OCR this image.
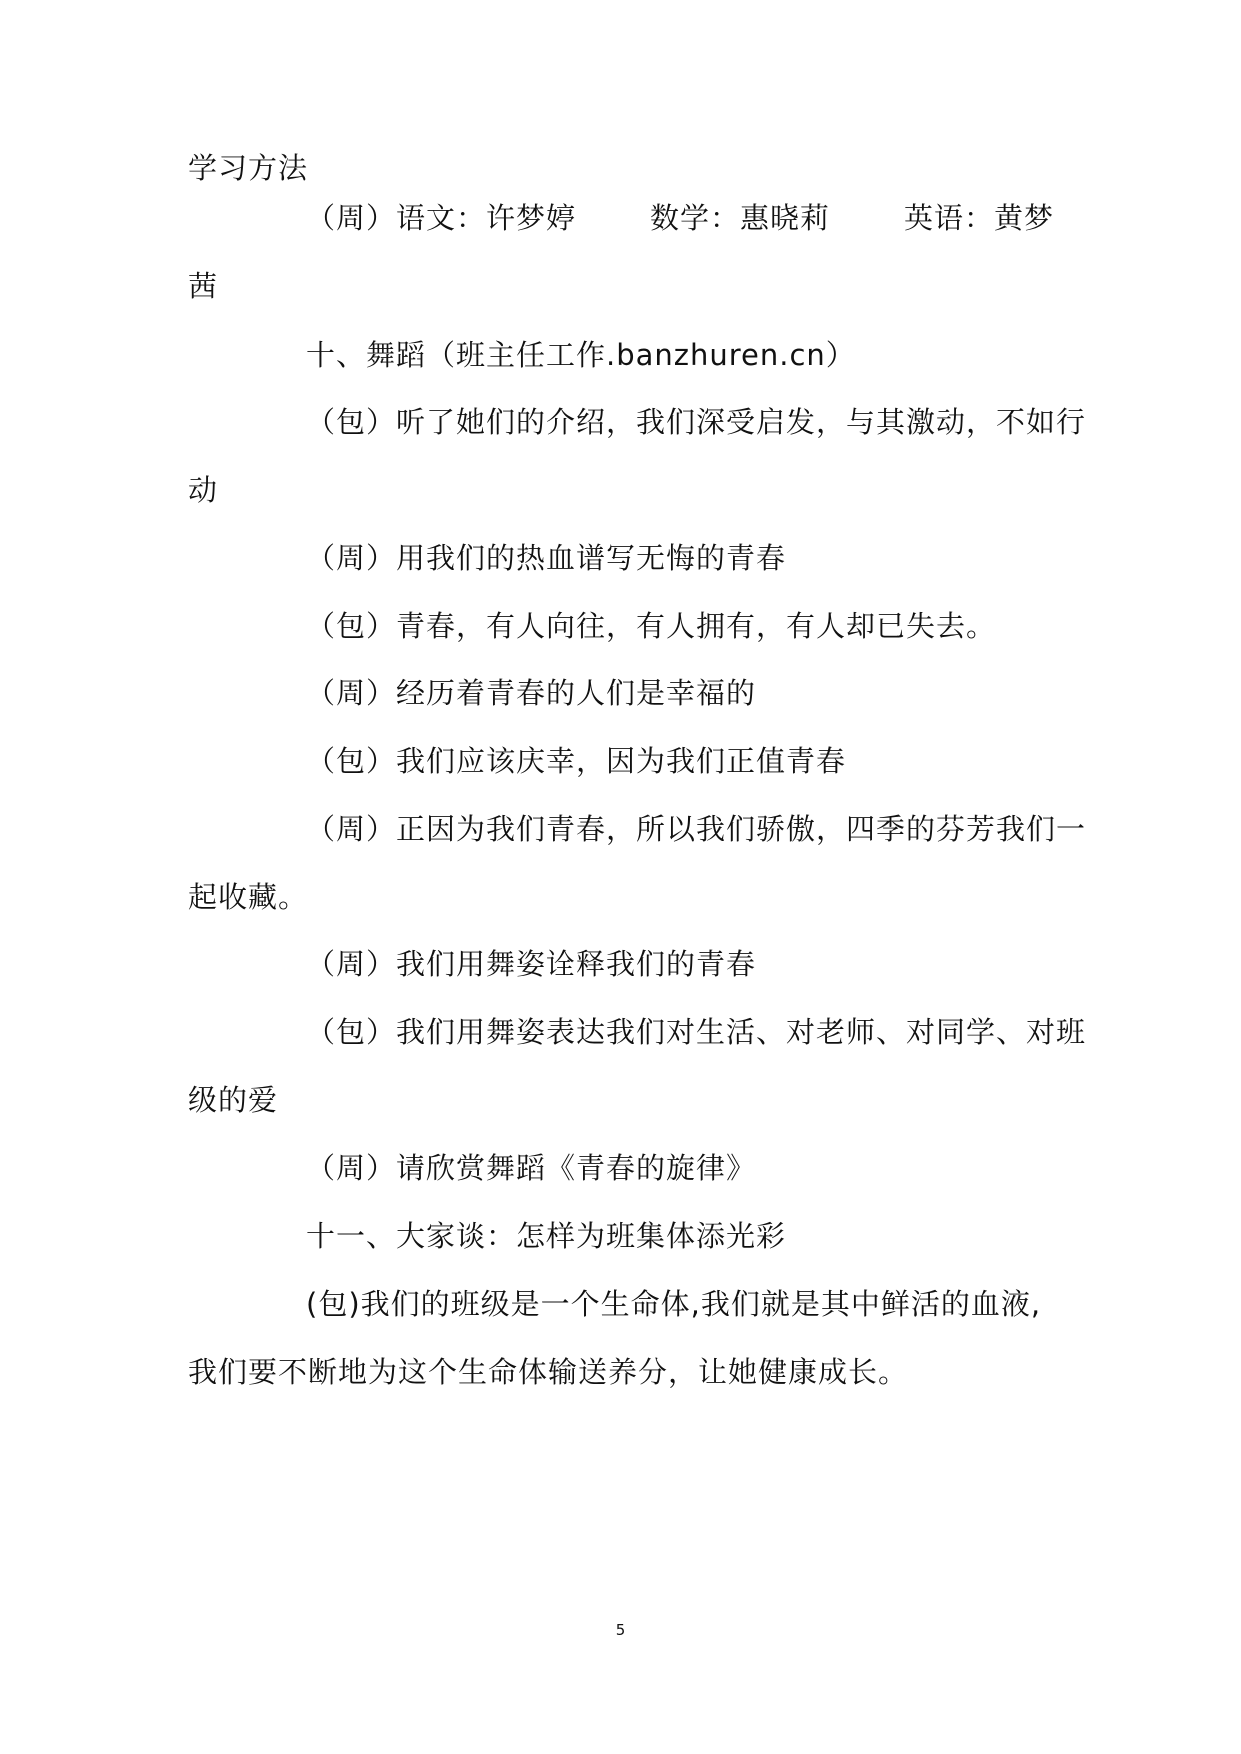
学习方法
（周）语文：许梦婷	数学：惠晓莉	英语：黄梦
茜
十、舞蹈（班主任工作.banzhuren.cn）
（包）听了她们的介绍，我们深受启发，与其激动，不如行
动
（周）用我们的热血谱写无悔的青春
（包）青春，有人向往，有人拥有，有人却已失去。
（周）经历着青春的人们是幸福的
（包）我们应该庆幸，因为我们正值青春
（周）正因为我们青春，所以我们骄傲，四季的芬芳我们一
起收藏。
（周）我们用舞姿诠释我们的青春
（包）我们用舞姿表达我们对生活、对老师、对同学、对班
级的爱
（周）请欣赏舞蹈《青春的旋律》
十一、大家谈：怎样为班集体添光彩
(包)我们的班级是一个生命体,我们就是其中鲜活的血液,
我们要不断地为这个生命体输送养分，让她健康成长。
5
